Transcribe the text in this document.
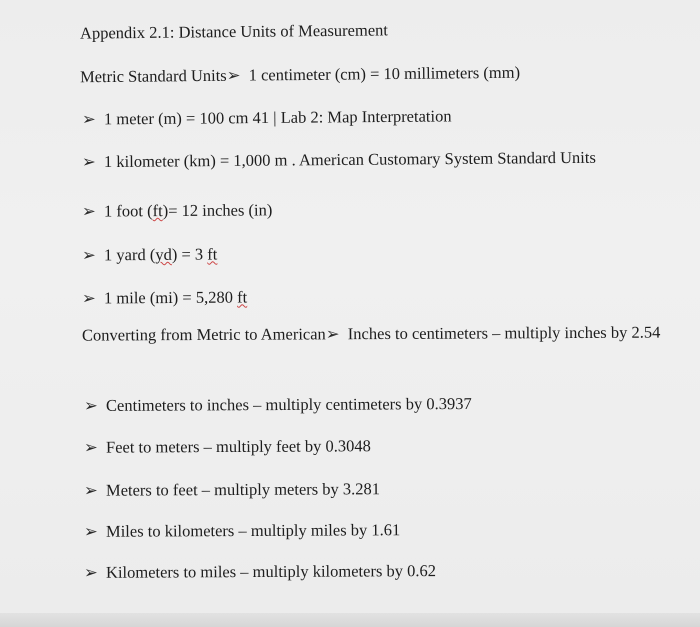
Appendix 2.1: Distance Units of Measurement
Metric Standard Units➢ 1 centimeter (cm) = 10 millimeters (mm)
➢ 1 meter (m) = 100 cm 41 | Lab 2: Map Interpretation
➢ 1 kilometer (km) = 1,000 m . American Customary System Standard Units
➢ 1 foot (ft)= 12 inches (in)
➢ 1 yard (yd) = 3 ft
➢ 1 mile (mi) = 5,280 ft
Converting from Metric to American➢ Inches to centimeters – multiply inches by 2.54
➢ Centimeters to inches – multiply centimeters by 0.3937
➢ Feet to meters – multiply feet by 0.3048
➢ Meters to feet – multiply meters by 3.281
➢ Miles to kilometers – multiply miles by 1.61
➢ Kilometers to miles – multiply kilometers by 0.62
